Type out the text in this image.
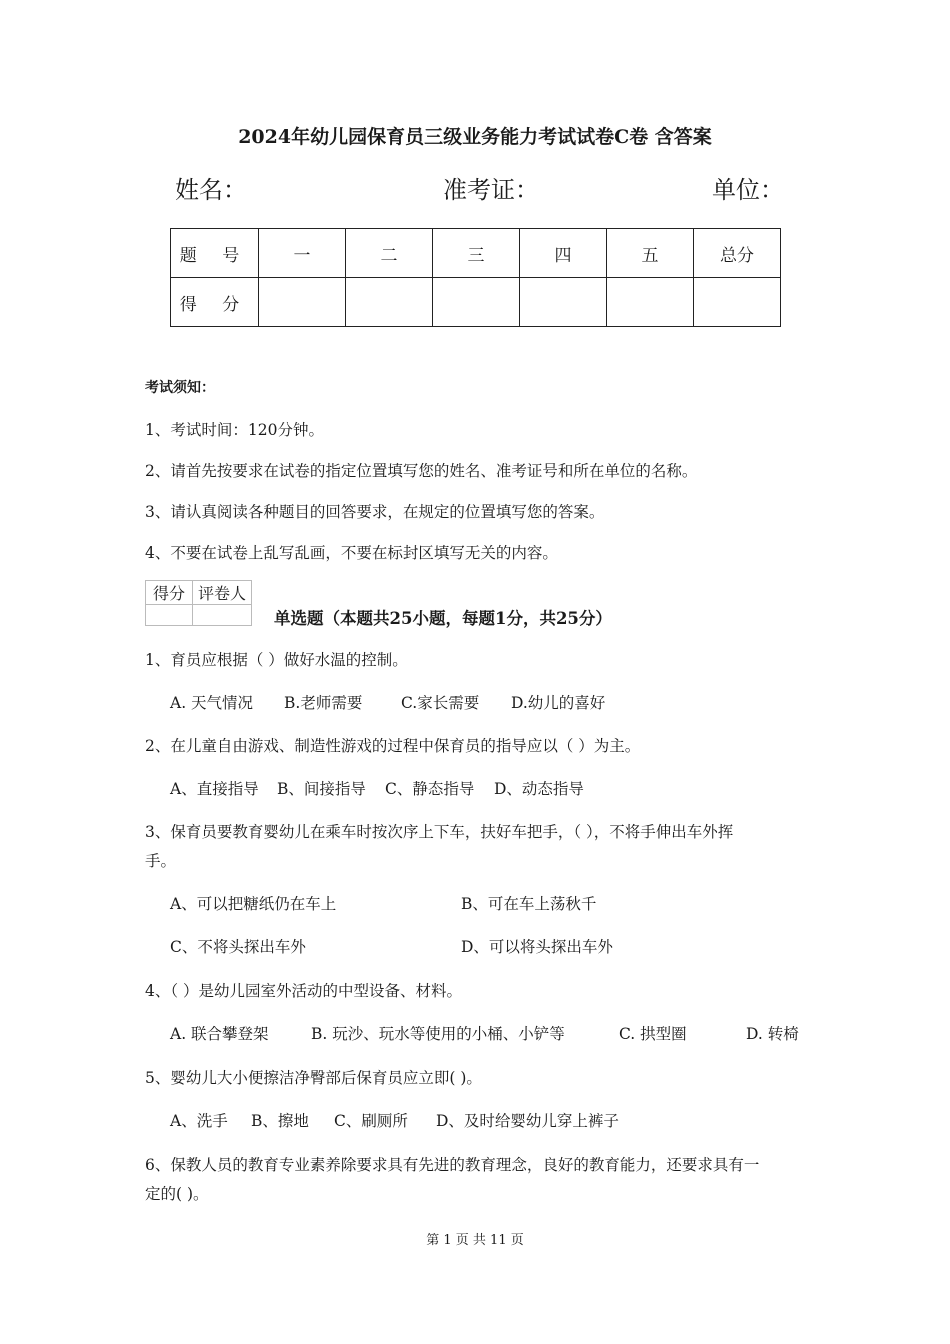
2024年幼儿园保育员三级业务能力考试试卷C卷 含答案
姓名：	准考证：	单位：
题 号	一	二	三	四	五	总分
得 分						
考试须知：
1、考试时间：120分钟。
2、请首先按要求在试卷的指定位置填写您的姓名、准考证号和所在单位的名称。
3、请认真阅读各种题目的回答要求，在规定的位置填写您的答案。
4、不要在试卷上乱写乱画，不要在标封区填写无关的内容。
得分	评卷人

单选题（本题共25小题，每题1分，共25分）
1、育员应根据（ ）做好水温的控制。
A. 天气情况 B.老师需要 C.家长需要 D.幼儿的喜好
2、在儿童自由游戏、制造性游戏的过程中保育员的指导应以（ ）为主。
A、直接指导 B、间接指导 C、静态指导 D、动态指导
3、保育员要教育婴幼儿在乘车时按次序上下车，扶好车把手，（ ），不将手伸出车外挥
手。
A、可以把糖纸仍在车上	B、可在车上荡秋千
C、不将头探出车外	D、可以将头探出车外
4、（ ）是幼儿园室外活动的中型设备、材料。
A. 联合攀登架	B. 玩沙、玩水等使用的小桶、小铲等	C. 拱型圈	D. 转椅
5、婴幼儿大小便擦洁净臀部后保育员应立即( )。
A、洗手 B、擦地 C、刷厕所 D、及时给婴幼儿穿上裤子
6、保教人员的教育专业素养除要求具有先进的教育理念，良好的教育能力，还要求具有一
定的( )。
第 1 页 共 11 页
